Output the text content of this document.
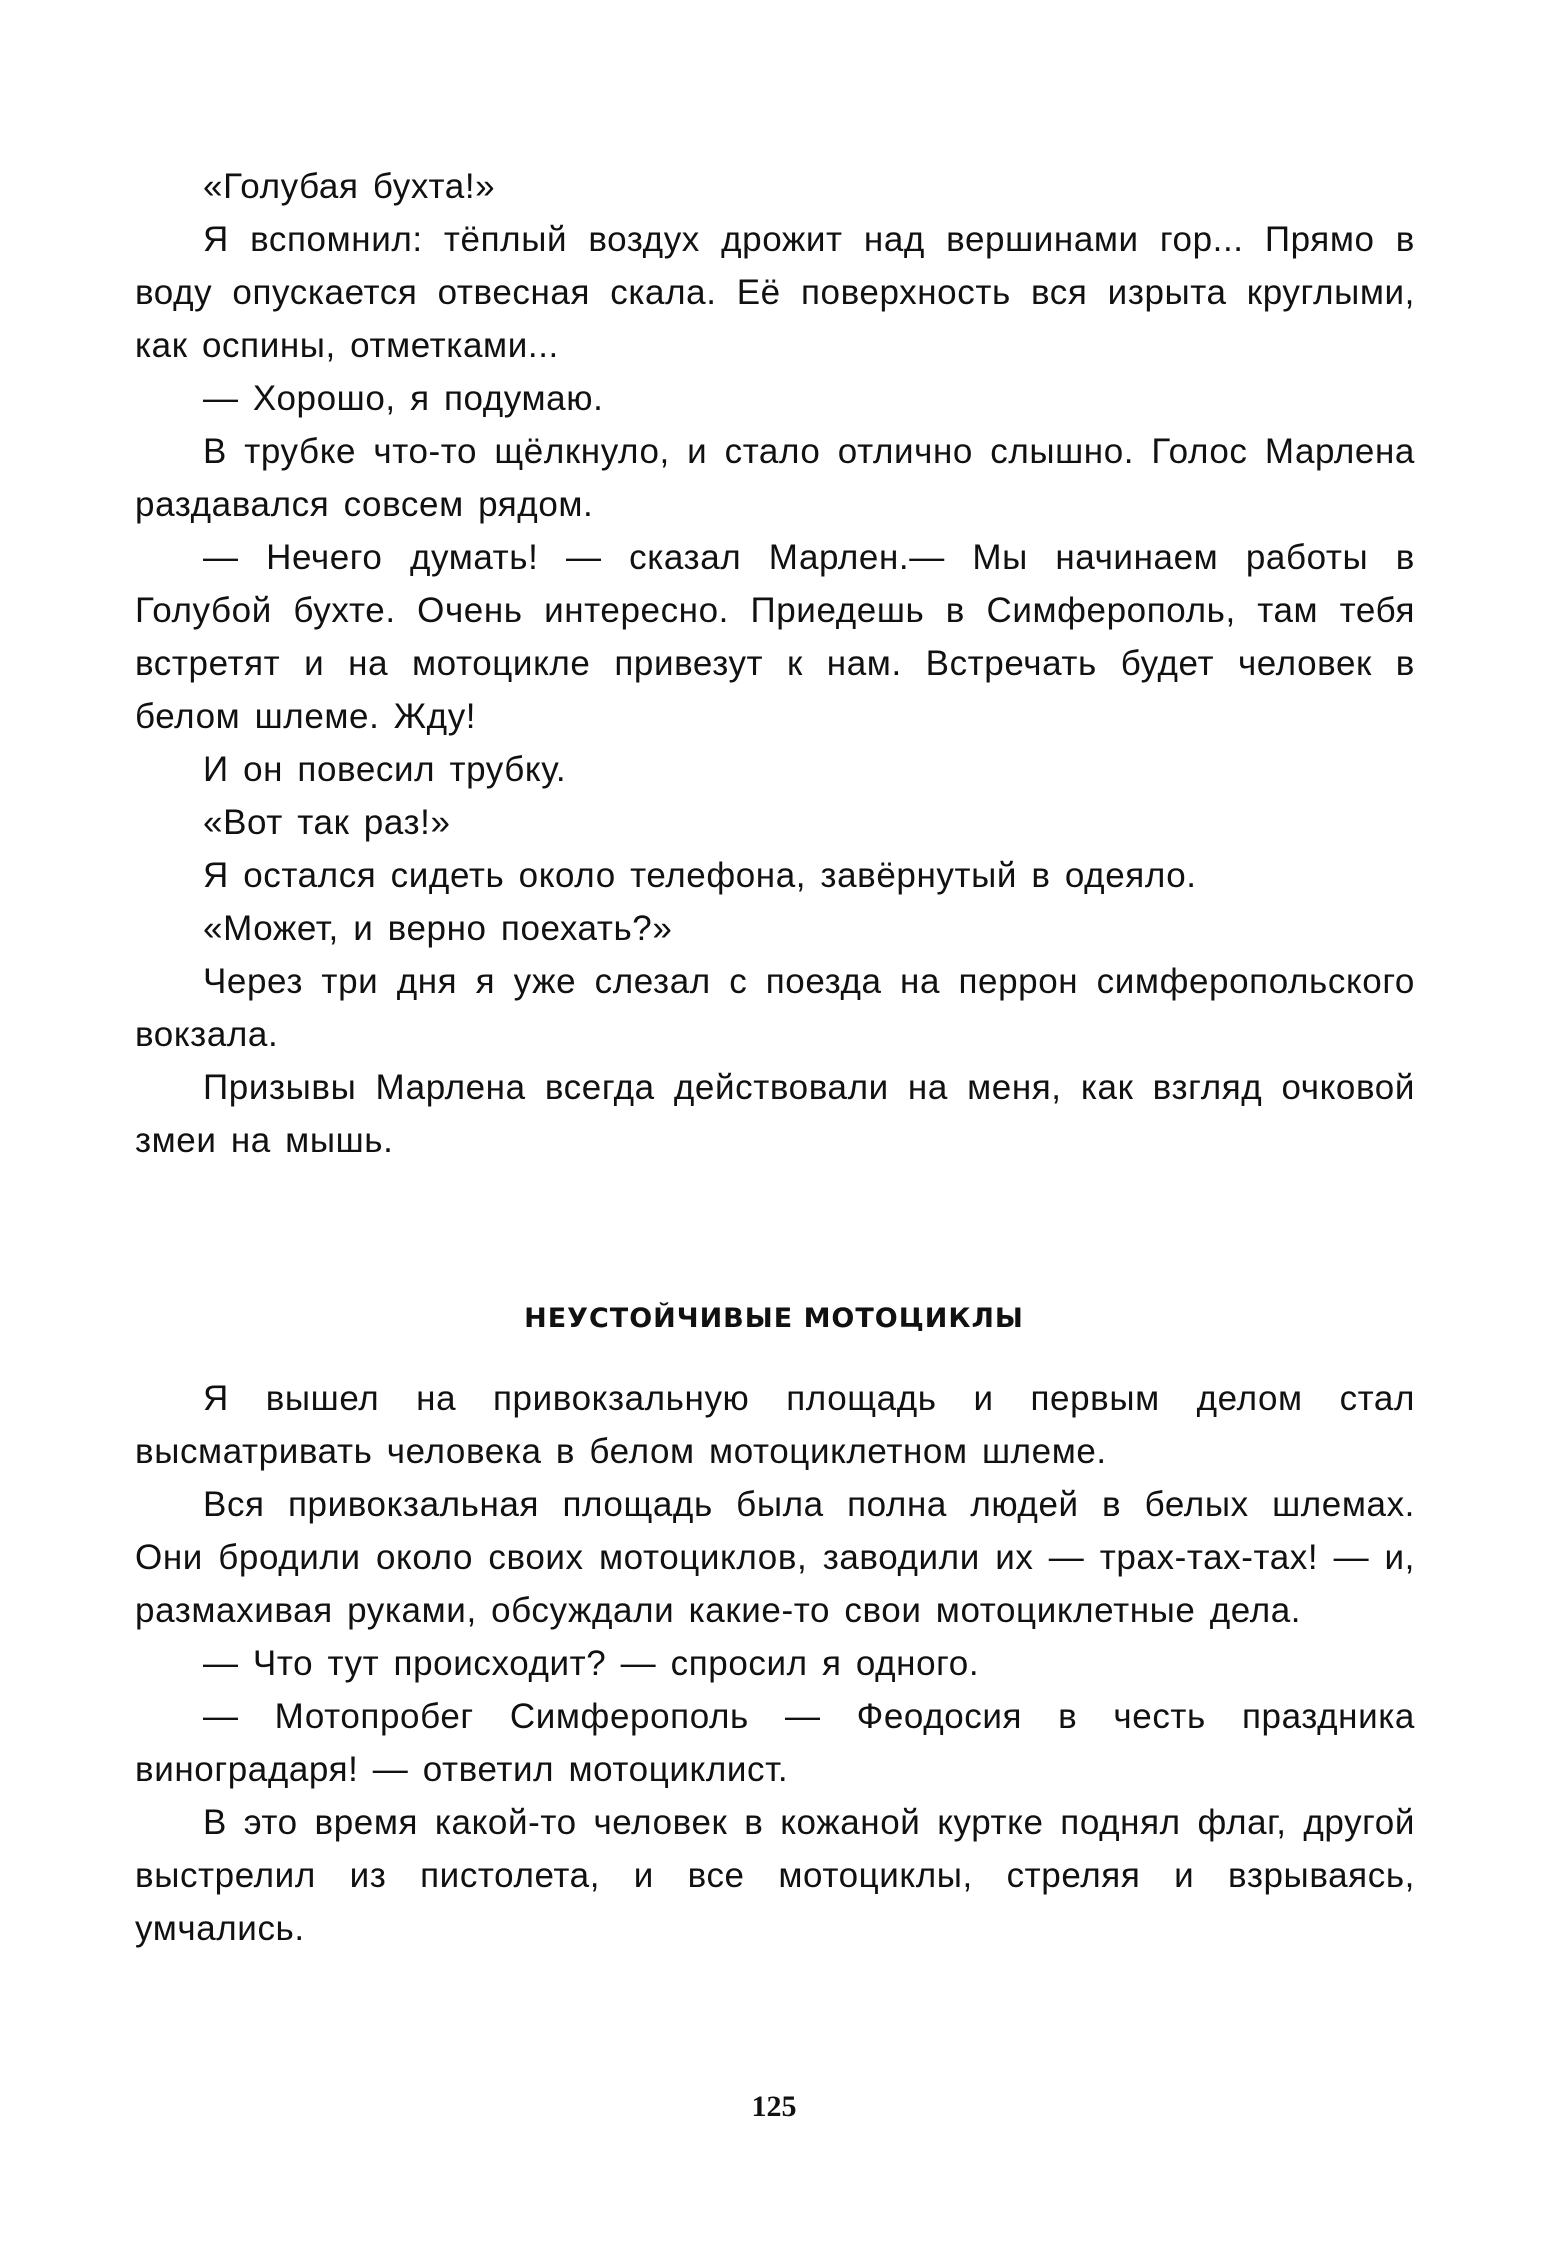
«Голубая бухта!»

Я вспомнил: тёплый воздух дрожит над вершинами гор... Прямо в воду опускается отвесная скала. Её поверхность вся изрыта круглыми, как оспины, отметками...

— Хорошо, я подумаю.

В трубке что-то щёлкнуло, и стало отлично слышно. Голос Марлена раздавался совсем рядом.

— Нечего думать! — сказал Марлен.— Мы начинаем работы в Голубой бухте. Очень интересно. Приедешь в Симферополь, там тебя встретят и на мотоцикле привезут к нам. Встречать будет человек в белом шлеме. Жду!

И он повесил трубку.

«Вот так раз!»

Я остался сидеть около телефона, завёрнутый в одеяло.

«Может, и верно поехать?»

Через три дня я уже слезал с поезда на перрон симферопольского вокзала.

Призывы Марлена всегда действовали на меня, как взгляд очковой змеи на мышь.

НЕУСТОЙЧИВЫЕ МОТОЦИКЛЫ

Я вышел на привокзальную площадь и первым делом стал высматривать человека в белом мотоциклетном шлеме.

Вся привокзальная площадь была полна людей в белых шлемах. Они бродили около своих мотоциклов, заводили их — трах-тах-тах! — и, размахивая руками, обсуждали какие-то свои мотоциклетные дела.

— Что тут происходит? — спросил я одного.

— Мотопробег Симферополь — Феодосия в честь праздника виноградаря! — ответил мотоциклист.

В это время какой-то человек в кожаной куртке поднял флаг, другой выстрелил из пистолета, и все мотоциклы, стреляя и взрываясь, умчались.

125
